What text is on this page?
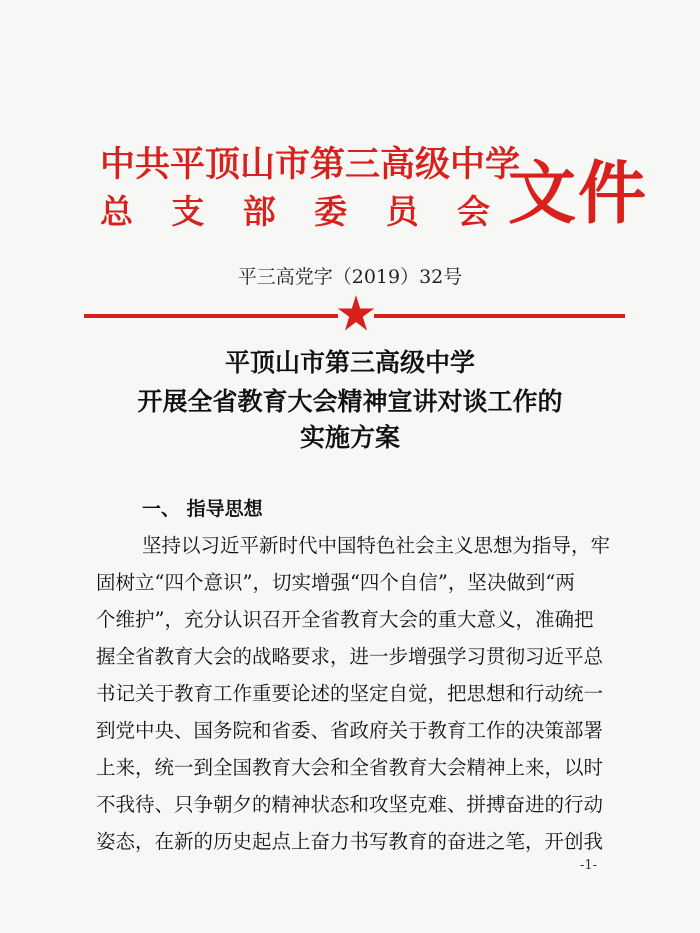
中共平顶山市第三高级中学
总 支 部 委 员 会 文件
平三高党字（2019）32号
平顶山市第三高级中学
开展全省教育大会精神宣讲对谈工作的
实施方案
一、 指导思想
坚持以习近平新时代中国特色社会主义思想为指导，牢
固树立“四个意识”，切实增强“四个自信”，坚决做到“两
个维护”，充分认识召开全省教育大会的重大意义，准确把
握全省教育大会的战略要求，进一步增强学习贯彻习近平总
书记关于教育工作重要论述的坚定自觉，把思想和行动统一
到党中央、国务院和省委、省政府关于教育工作的决策部署
上来，统一到全国教育大会和全省教育大会精神上来，以时
不我待、只争朝夕的精神状态和攻坚克难、拼搏奋进的行动
姿态，在新的历史起点上奋力书写教育的奋进之笔，开创我
-1-
